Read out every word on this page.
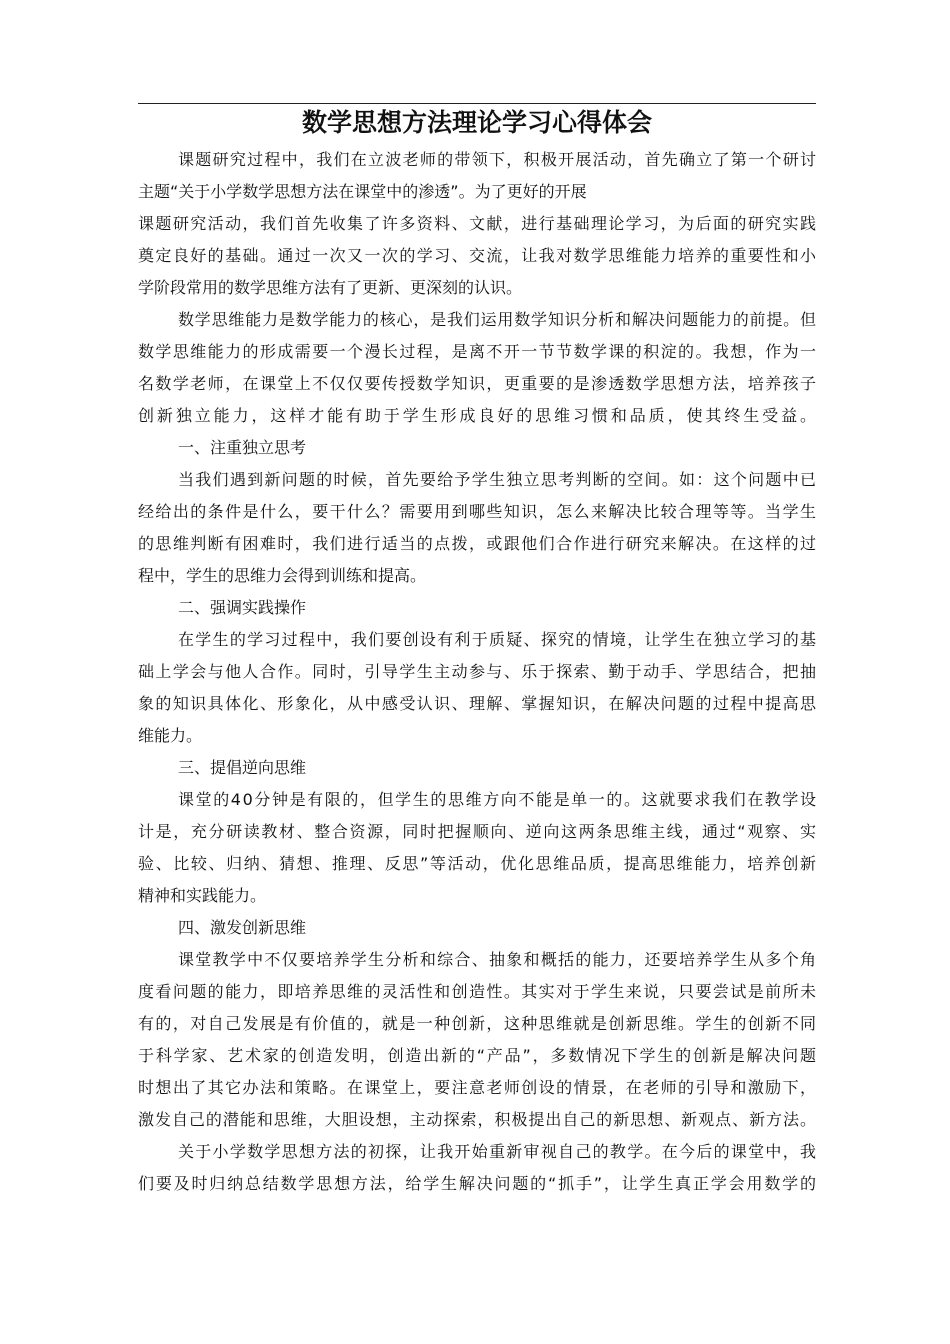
数学思想方法理论学习心得体会
课题研究过程中，我们在立波老师的带领下，积极开展活动，首先确立了第一个研讨
主题“关于小学数学思想方法在课堂中的渗透”。为了更好的开展
课题研究活动，我们首先收集了许多资料、文献，进行基础理论学习，为后面的研究实践
奠定良好的基础。通过一次又一次的学习、交流，让我对数学思维能力培养的重要性和小
学阶段常用的数学思维方法有了更新、更深刻的认识。
数学思维能力是数学能力的核心，是我们运用数学知识分析和解决问题能力的前提。但
数学思维能力的形成需要一个漫长过程，是离不开一节节数学课的积淀的。我想，作为一
名数学老师，在课堂上不仅仅要传授数学知识，更重要的是渗透数学思想方法，培养孩子
创新独立能力，这样才能有助于学生形成良好的思维习惯和品质，使其终生受益。
一、注重独立思考
当我们遇到新问题的时候，首先要给予学生独立思考判断的空间。如：这个问题中已
经给出的条件是什么，要干什么？需要用到哪些知识，怎么来解决比较合理等等。当学生
的思维判断有困难时，我们进行适当的点拨，或跟他们合作进行研究来解决。在这样的过
程中，学生的思维力会得到训练和提高。
二、强调实践操作
在学生的学习过程中，我们要创设有利于质疑、探究的情境，让学生在独立学习的基
础上学会与他人合作。同时，引导学生主动参与、乐于探索、勤于动手、学思结合，把抽
象的知识具体化、形象化，从中感受认识、理解、掌握知识，在解决问题的过程中提高思
维能力。
三、提倡逆向思维
课堂的40分钟是有限的，但学生的思维方向不能是单一的。这就要求我们在教学设
计是，充分研读教材、整合资源，同时把握顺向、逆向这两条思维主线，通过“观察、实
验、比较、归纳、猜想、推理、反思”等活动，优化思维品质，提高思维能力，培养创新
精神和实践能力。
四、激发创新思维
课堂教学中不仅要培养学生分析和综合、抽象和概括的能力，还要培养学生从多个角
度看问题的能力，即培养思维的灵活性和创造性。其实对于学生来说，只要尝试是前所未
有的，对自己发展是有价值的，就是一种创新，这种思维就是创新思维。学生的创新不同
于科学家、艺术家的创造发明，创造出新的“产品”，多数情况下学生的创新是解决问题
时想出了其它办法和策略。在课堂上，要注意老师创设的情景，在老师的引导和激励下，
激发自己的潜能和思维，大胆设想，主动探索，积极提出自己的新思想、新观点、新方法。
关于小学数学思想方法的初探，让我开始重新审视自己的教学。在今后的课堂中，我
们要及时归纳总结数学思想方法，给学生解决问题的“抓手”，让学生真正学会用数学的
